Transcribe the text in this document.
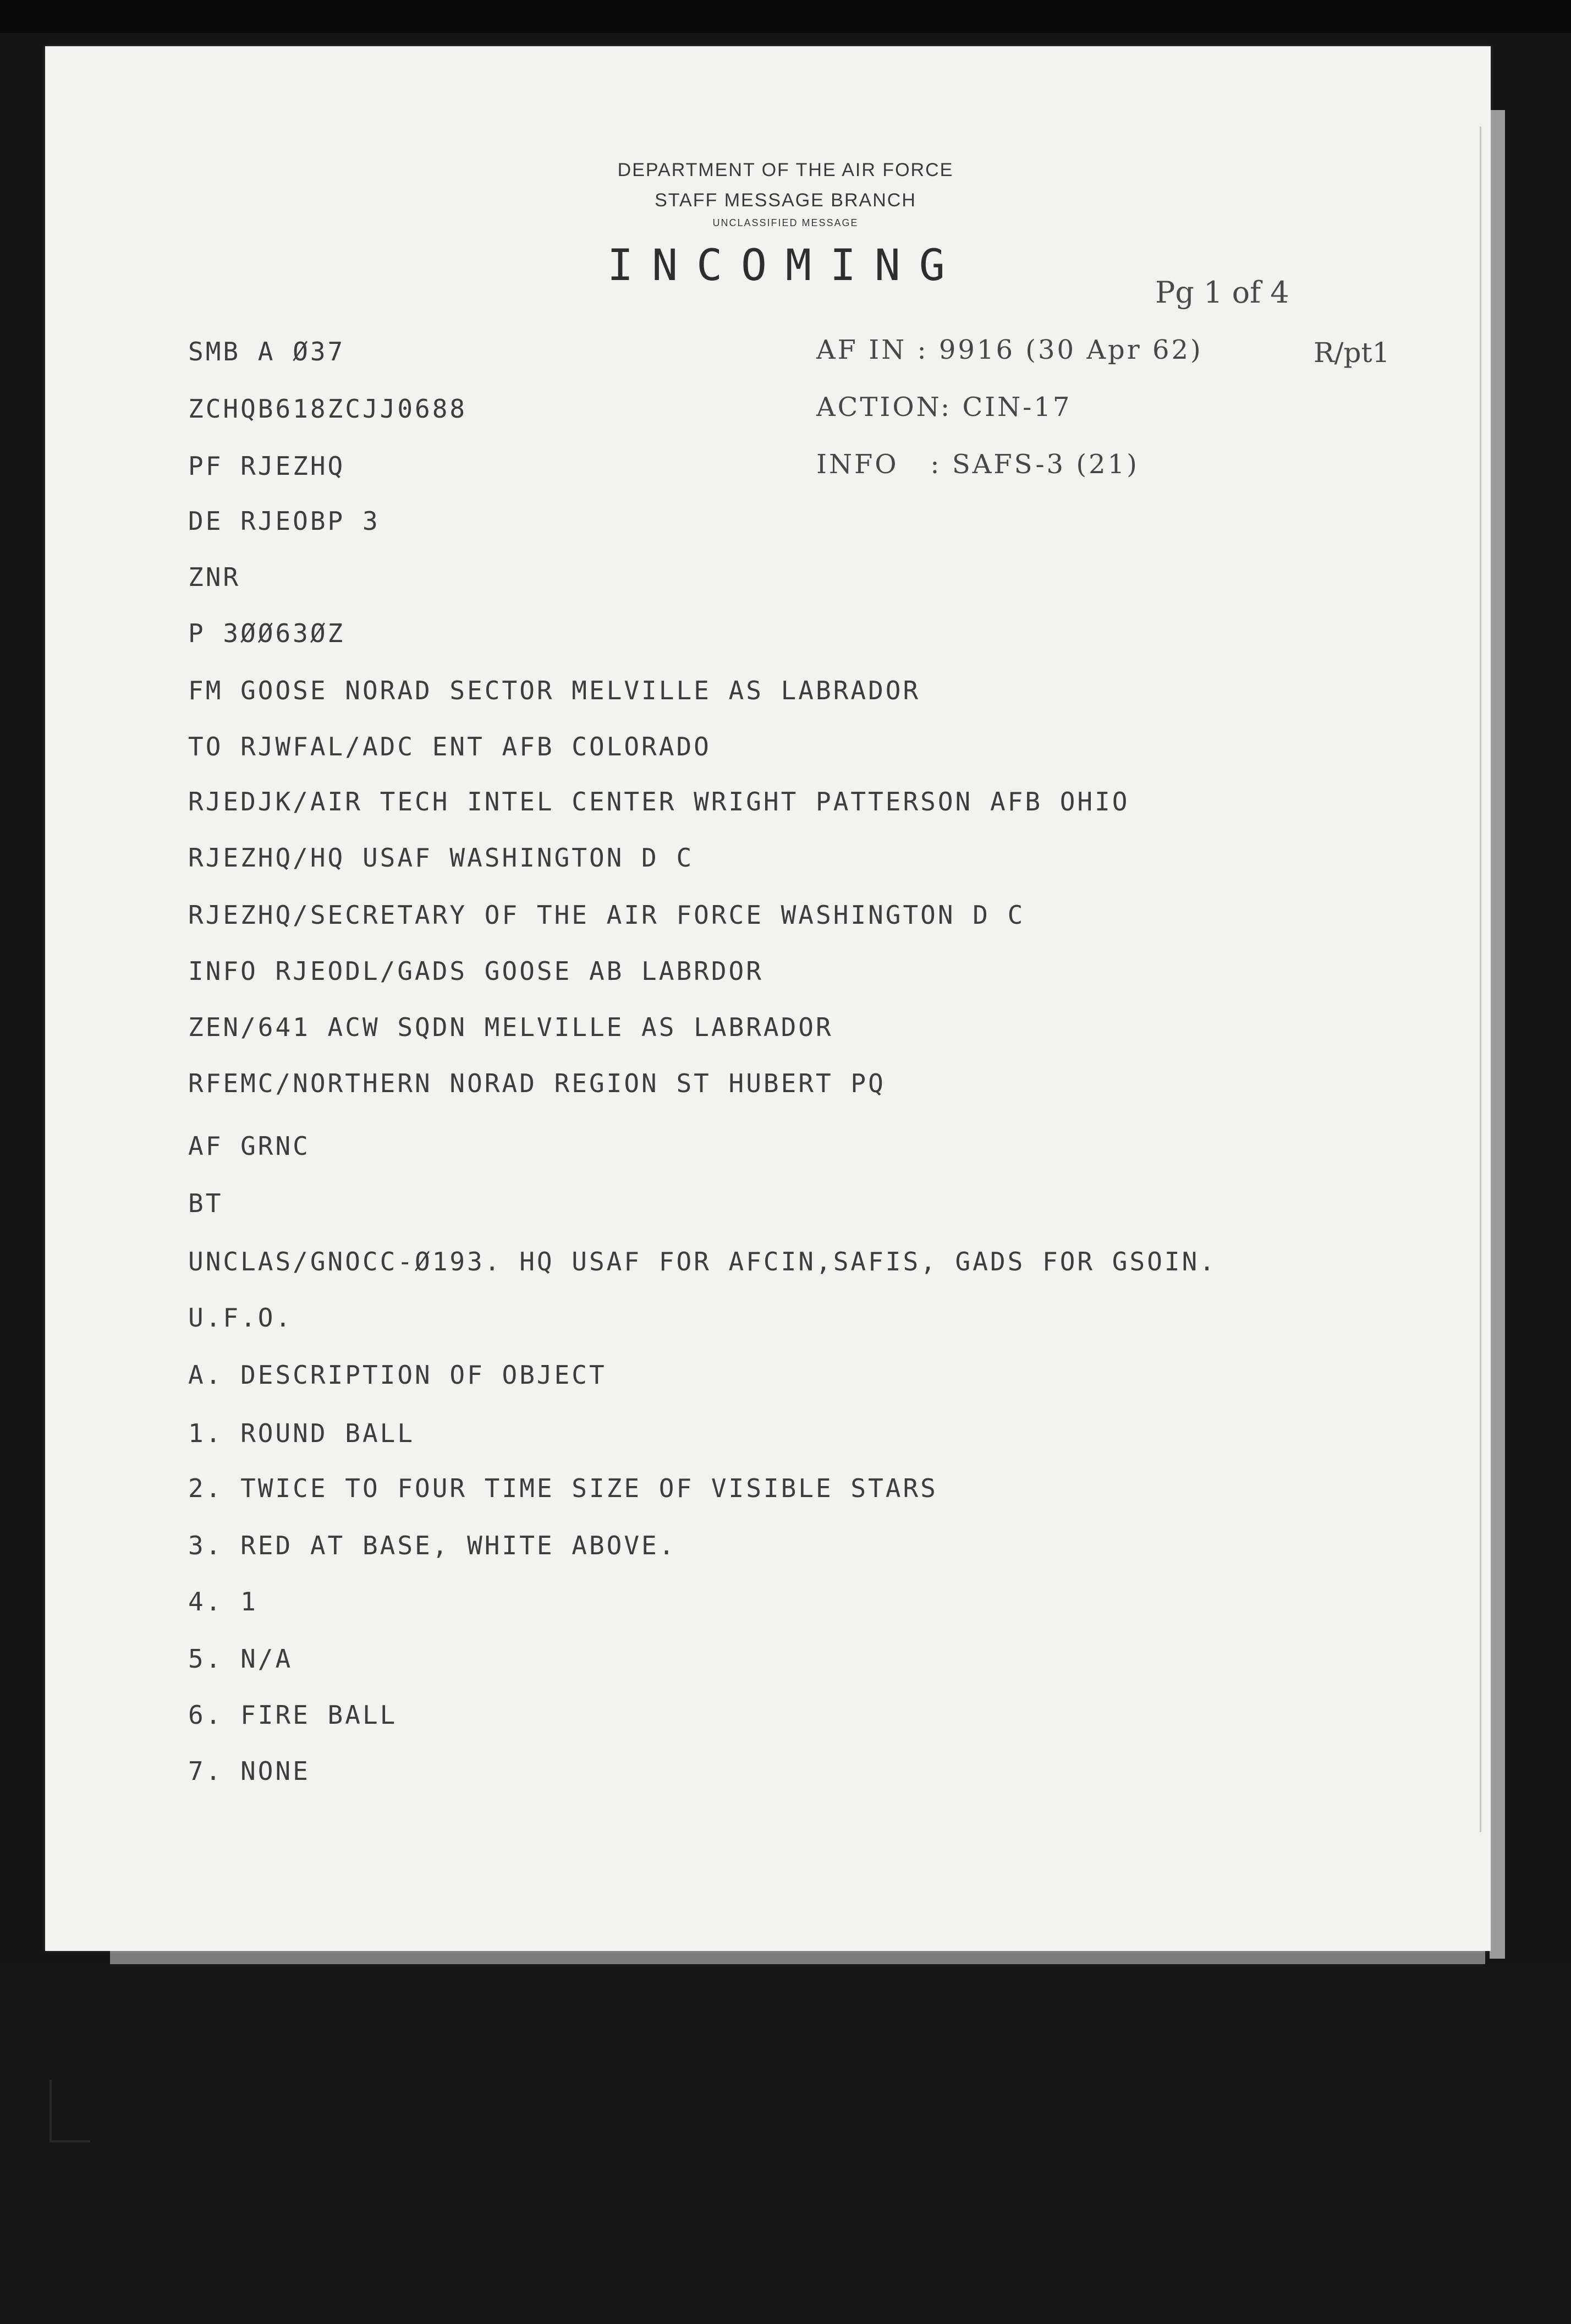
DEPARTMENT OF THE AIR FORCE
STAFF MESSAGE BRANCH
UNCLASSIFIED MESSAGE
INCOMING
Pg 1 of 4
R/pt1
AF IN : 9916 (30 Apr 62)
ACTION: CIN-17
INFO   : SAFS-3 (21)
SMB A Ø37
ZCHQB618ZCJJ0688
PF RJEZHQ
DE RJEOBP 3
ZNR
P 3ØØ63ØZ
FM GOOSE NORAD SECTOR MELVILLE AS LABRADOR
TO RJWFAL/ADC ENT AFB COLORADO
RJEDJK/AIR TECH INTEL CENTER WRIGHT PATTERSON AFB OHIO
RJEZHQ/HQ USAF WASHINGTON D C
RJEZHQ/SECRETARY OF THE AIR FORCE WASHINGTON D C
INFO RJEODL/GADS GOOSE AB LABRDOR
ZEN/641 ACW SQDN MELVILLE AS LABRADOR
RFEMC/NORTHERN NORAD REGION ST HUBERT PQ
AF GRNC
BT
UNCLAS/GNOCC-Ø193. HQ USAF FOR AFCIN,SAFIS, GADS FOR GSOIN.
U.F.O.
A. DESCRIPTION OF OBJECT
1. ROUND BALL
2. TWICE TO FOUR TIME SIZE OF VISIBLE STARS
3. RED AT BASE, WHITE ABOVE.
4. 1
5. N/A
6. FIRE BALL
7. NONE
